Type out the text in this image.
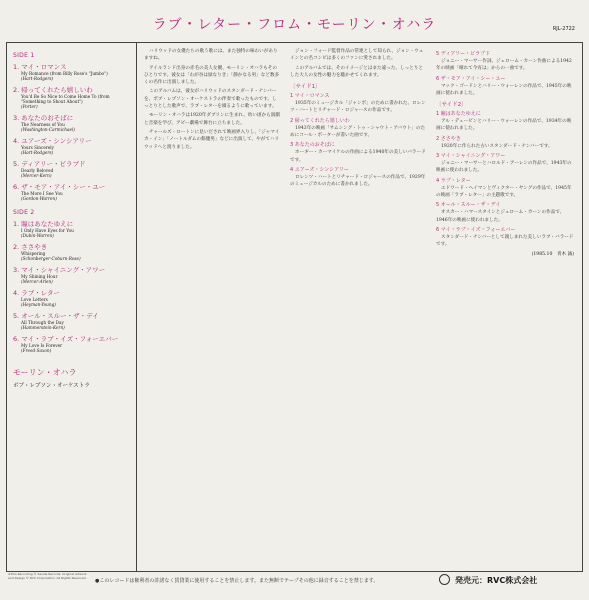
ラブ・レター・フロム・モーリン・オハラ	RJL-2722
SIDE 1
1. マイ・ロマンス
My Romance (from Billy Rose's "Jumbo")
(Hart-Rodgers)
2. 帰ってくれたら嬉しいわ
You'd Be So Nice to Come Home To (from "Something to Shout About")
(Porter)
3. あなたのおそばに
The Nearness of You
(Washington-Carmichael)
4. ユアーズ・シンシアリー
Yours Sincerely
(Hart-Rodgers)
5. ディアリー・ビラブド
Dearly Beloved
(Mercer-Kern)
6. ザ・モア・アイ・シー・ユー
The More I See You
(Gordon-Warren)
SIDE 2
1. 瞳はあなたゆえに
I Only Have Eyes for You
(Dubin-Warren)
2. ささやき
Whispering
(Schonberger-Coburn-Rose)
3. マイ・シャイニング・アワー
My Shining Hour
(Mercer-Arlen)
4. ラブ・レター
Love Letters
(Heyman-Young)
5. オール・スルー・ザ・デイ
All Through the Day
(Hammerstein-Kern)
6. マイ・ラブ・イズ・フォーエバー
My Love Is Forever
(Freed-Saxon)
モーリン・オハラ
ボブ・レプソン・オーケストラ

ハリウッドの女優たちの歌う歌には、また独特の味わいがありますね。

アイルランド出身の赤毛の美人女優、モーリン・オハラもそのひとりです。彼女は「わが谷は緑なりき」「静かなる男」など数多くの名作に出演しました。

このアルバムは、彼女がハリウッドのスタンダード・ナンバーを、ボブ・レプソン・オーケストラの伴奏で歌ったものです。しっとりとした歌声で、ラブ・レターを綴るように歌っています。

モーリン・オハラは1920年ダブリンに生まれ、幼い頃から演劇と音楽を学び、アビー劇場で舞台に立ちました。

チャールズ・ロートンに見いだされて映画界入りし、「ジャマイカ・イン」「ノートルダムの傴僂男」などに出演して、やがてハリウッドへと渡りました。

ジョン・フォード監督作品の常連として知られ、ジョン・ウェインとの名コンビは多くのファンに愛されました。

このアルバムでは、そのイメージとはまた違った、しっとりとした大人の女性の魅力を聴かせてくれます。

〔サイド1〕
1 マイ・ロマンス

1935年のミュージカル「ジャンボ」のために書かれた、ロレンツ・ハートとリチャード・ロジャースの作品です。

2 帰ってくれたら嬉しいわ

1943年の映画「サムシング・トゥ・シャウト・アバウト」のためにコール・ポーターが書いた曲です。

3 あなたのおそばに

ホーギー・カーマイケルの作曲による1940年の美しいバラードです。

4 ユアーズ・シンシアリー

ロレンツ・ハートとリチャード・ロジャースの作品で、1929年のミュージカルのために書かれました。

5 ディアリー・ビラブド

ジョニー・マーサー作詞、ジェローム・カーン作曲による1942年の映画「晴れて今宵は」からの一曲です。

6 ザ・モア・アイ・シー・ユー

マック・ゴードンとハリー・ウォーレンの作品で、1945年の映画に使われました。

〔サイド2〕
1 瞳はあなたゆえに

アル・デュービンとハリー・ウォーレンの作品で、1934年の映画に使われました。

2 ささやき

1920年に作られた古いスタンダード・ナンバーです。

3 マイ・シャイニング・アワー

ジョニー・マーサーとハロルド・アーレンの作品で、1943年の映画に使われました。

4 ラブ・レター

エドワード・ヘイマンとヴィクター・ヤングの作品で、1945年の映画「ラブ・レター」の主題歌です。

5 オール・スルー・ザ・デイ

オスカー・ハマースタインとジェローム・カーンの作品で、1946年の映画に使われました。

6 マイ・ラブ・イズ・フォーエバー

スタンダード・ナンバーとして親しまれた美しいラブ・バラードです。

(1985.10　青木 誠)
※This Recording © Saville Records. Original Artwork and Design © RVC Corporation. All Rights Reserved.
●このレコードは権利者の許諾なく賃貸業に使用することを禁止します。また無断でテープその他に録音することを禁じます。	発売元：RVC株式会社
